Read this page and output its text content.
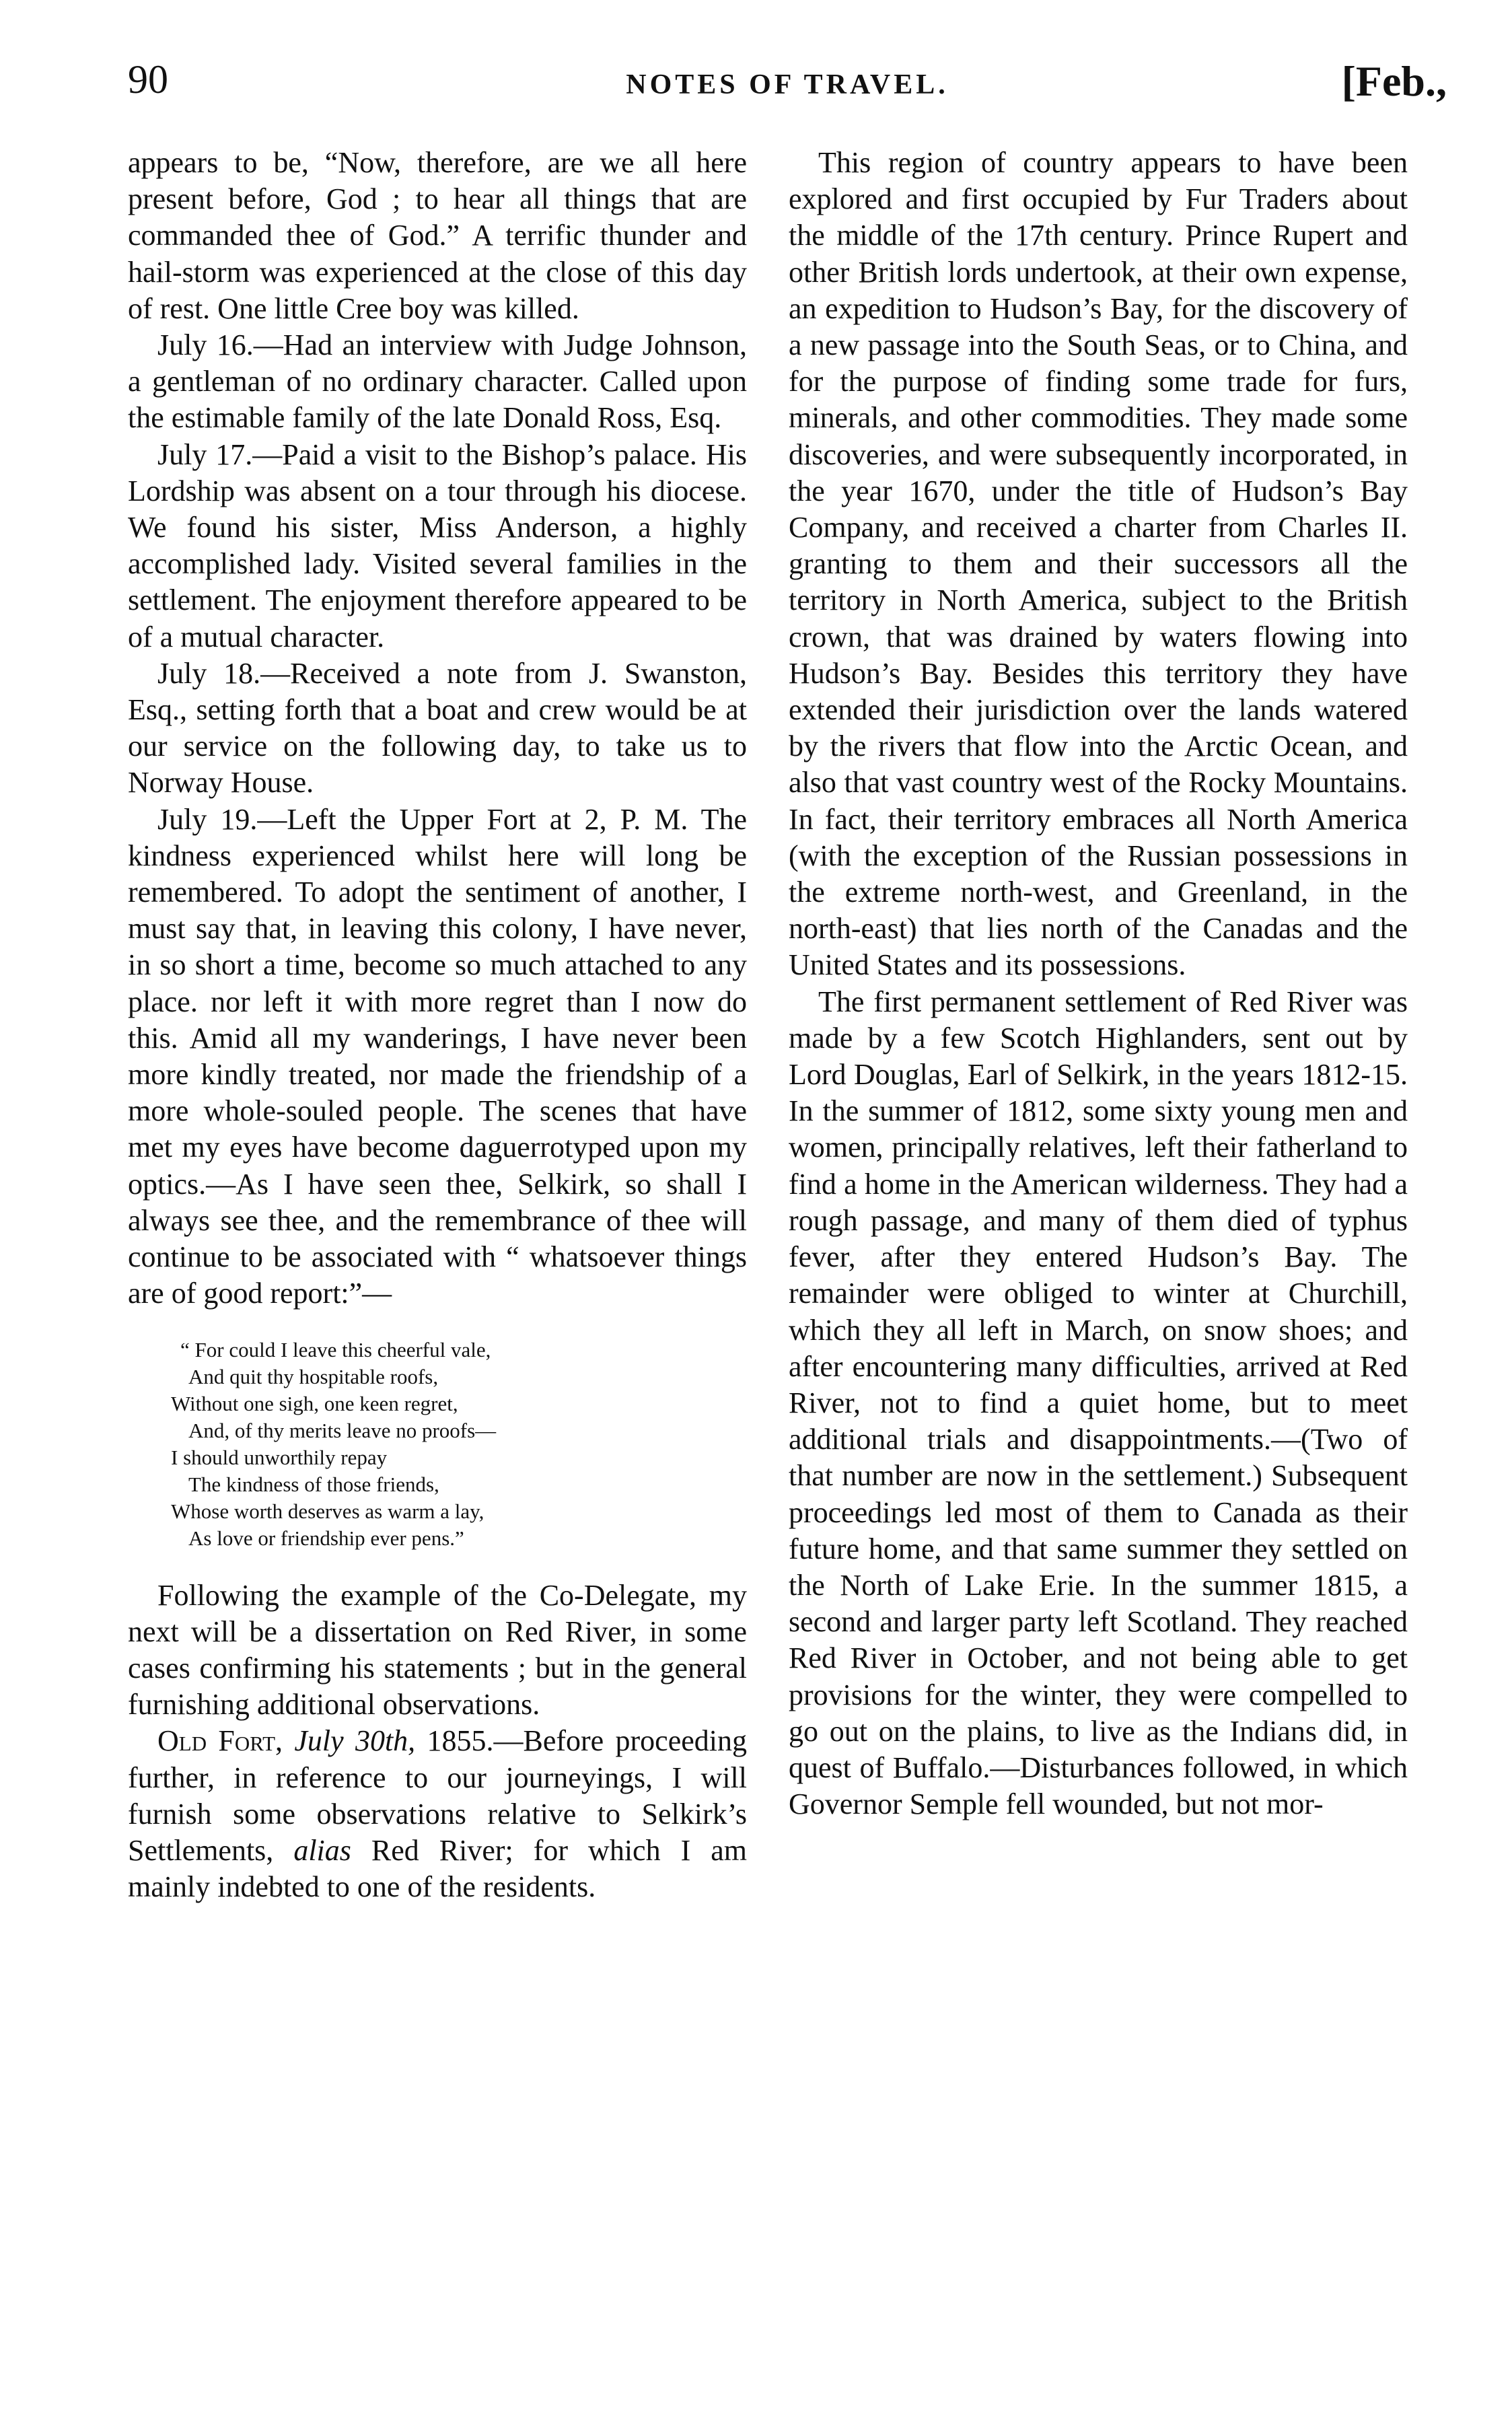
90	NOTES OF TRAVEL.	[Feb.,

appears to be, “Now, therefore, are we all here present before, God ; to hear all things that are commanded thee of God.” A terrific thunder and hail-storm was experienced at the close of this day of rest. One little Cree boy was killed.

July 16.—Had an interview with Judge Johnson, a gentleman of no ordinary character. Called upon the estimable family of the late Donald Ross, Esq.

July 17.—Paid a visit to the Bishop’s palace. His Lordship was absent on a tour through his diocese. We found his sister, Miss Anderson, a highly accomplished lady. Visited several families in the settlement. The enjoyment therefore appeared to be of a mutual character.

July 18.—Received a note from J. Swanston, Esq., setting forth that a boat and crew would be at our service on the following day, to take us to Norway House.

July 19.—Left the Upper Fort at 2, P. M. The kindness experienced whilst here will long be remembered. To adopt the sentiment of another, I must say that, in leaving this colony, I have never, in so short a time, become so much attached to any place. nor left it with more regret than I now do this. Amid all my wanderings, I have never been more kindly treated, nor made the friendship of a more whole-souled people. The scenes that have met my eyes have become daguerrotyped upon my optics.—As I have seen thee, Selkirk, so shall I always see thee, and the remembrance of thee will continue to be associated with “ whatsoever things are of good report:”—

“ For could I leave this cheerful vale,
And quit thy hospitable roofs,
Without one sigh, one keen regret,
And, of thy merits leave no proofs—
I should unworthily repay
The kindness of those friends,
Whose worth deserves as warm a lay,
As love or friendship ever pens.”

Following the example of the Co-Delegate, my next will be a dissertation on Red River, in some cases confirming his statements ; but in the general furnishing additional observations.

Old Fort, July 30th, 1855.—Before proceeding further, in reference to our journeyings, I will furnish some observations relative to Selkirk’s Settlements, alias Red River; for which I am mainly indebted to one of the residents.

This region of country appears to have been explored and first occupied by Fur Traders about the middle of the 17th century. Prince Rupert and other British lords undertook, at their own expense, an expedition to Hudson’s Bay, for the discovery of a new passage into the South Seas, or to China, and for the purpose of finding some trade for furs, minerals, and other commodities. They made some discoveries, and were subsequently incorporated, in the year 1670, under the title of Hudson’s Bay Company, and received a charter from Charles II. granting to them and their successors all the territory in North America, subject to the British crown, that was drained by waters flowing into Hudson’s Bay. Besides this territory they have extended their jurisdiction over the lands watered by the rivers that flow into the Arctic Ocean, and also that vast country west of the Rocky Mountains. In fact, their territory embraces all North America (with the exception of the Russian possessions in the extreme north-west, and Greenland, in the north-east) that lies north of the Canadas and the United States and its possessions.

The first permanent settlement of Red River was made by a few Scotch Highlanders, sent out by Lord Douglas, Earl of Selkirk, in the years 1812-15. In the summer of 1812, some sixty young men and women, principally relatives, left their fatherland to find a home in the American wilderness. They had a rough passage, and many of them died of typhus fever, after they entered Hudson’s Bay. The remainder were obliged to winter at Churchill, which they all left in March, on snow shoes; and after encountering many difficulties, arrived at Red River, not to find a quiet home, but to meet additional trials and disappointments.—(Two of that number are now in the settlement.) Subsequent proceedings led most of them to Canada as their future home, and that same summer they settled on the North of Lake Erie. In the summer 1815, a second and larger party left Scotland. They reached Red River in October, and not being able to get provisions for the winter, they were compelled to go out on the plains, to live as the Indians did, in quest of Buffalo.—Disturbances followed, in which Governor Semple fell wounded, but not mor-
